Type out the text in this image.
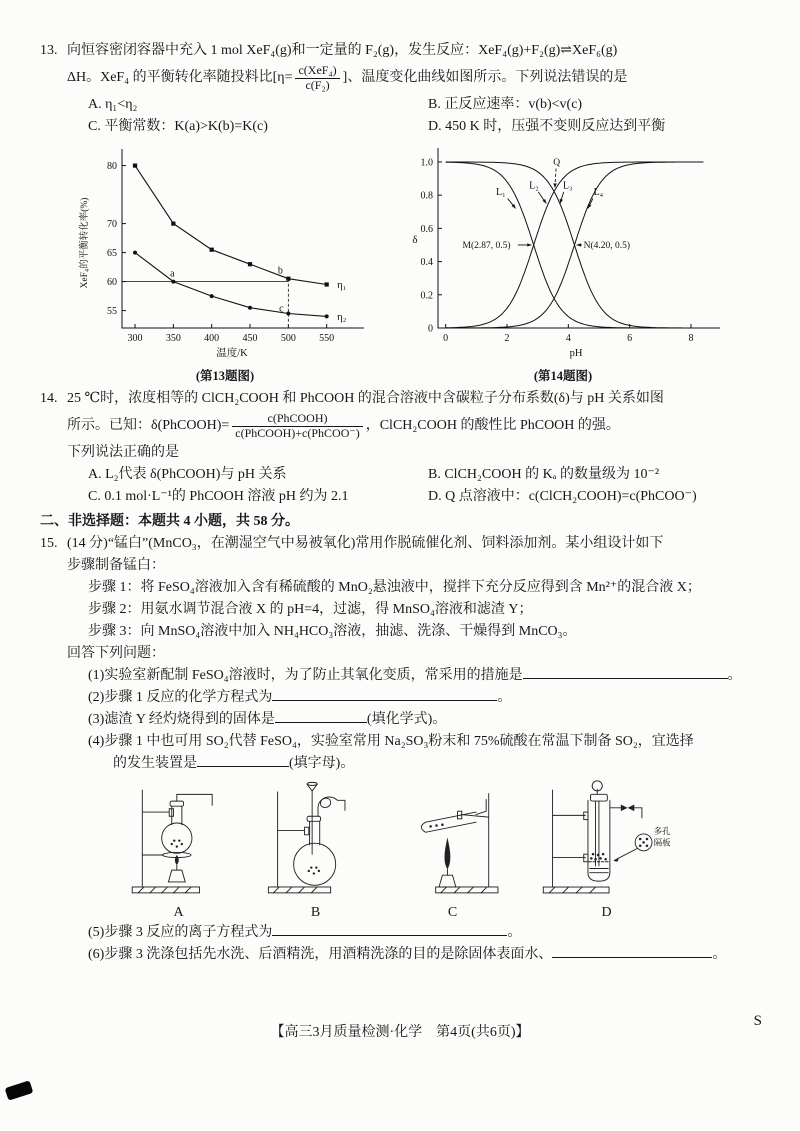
13. 向恒容密闭容器中充入 1 mol XeF₄(g)和一定量的 F₂(g)，发生反应：XeF₄(g)+F₂(g)⇌XeF₆(g)
ΔH。XeF₄ 的平衡转化率随投料比[$\eta= \frac{\text{c(XeF₄)}}{\text{c(F₂)}}$ ]、温度变化曲线如图所示。下列说法错误的是
A. η₁<η₂	B. 正反应速率：v(b)<v(c)
C. 平衡常数：K(a)>K(b)=K(c)	D. 450 K 时，压强不变则反应达到平衡
55
60
65
70
80
300 350 400 450 500 550
温度/K
XeF₄的平衡转化率(%)	η₁
η₂
a	b
c
(第13题图)
0
0.2
0.4
0.6
0.8
1.0
0	2	4	6	8
pH
δ
L₁
L₂ L₃
L₄
Q
M(2.87, 0.5)	N(4.20, 0.5)
(第14题图)
14. 25 ℃时，浓度相等的 ClCH₂COOH 和 PhCOOH 的混合溶液中含碳粒子分布系数(δ)与 pH 关系如图
所示。已知：δ(PhCOOH)= $\frac{\text{c(PhCOOH)}}{\text{c(PhCOOH)+c(PhCOO⁻)}}$ ，ClCH₂COOH 的酸性比 PhCOOH 的强。
下列说法正确的是
A. L₂代表 δ(PhCOOH)与 pH 关系	B. ClCH₂COOH 的 Kₐ 的数量级为 10⁻²
C. 0.1 mol·L⁻¹的 PhCOOH 溶液 pH 约为 2.1	D. Q 点溶液中：c(ClCH₂COOH)=c(PhCOO⁻)
二、非选择题：本题共 4 小题，共 58 分。
15. (14 分)“锰白”(MnCO₃，在潮湿空气中易被氧化)常用作脱硫催化剂、饲料添加剂。某小组设计如下
步骤制备锰白：
步骤 1：将 FeSO₄溶液加入含有稀硫酸的 MnO₂悬浊液中，搅拌下充分反应得到含 Mn²⁺的混合液 X；
步骤 2：用氨水调节混合液 X 的 pH=4，过滤，得 MnSO₄溶液和滤渣 Y；
步骤 3：向 MnSO₄溶液中加入 NH₄HCO₃溶液，抽滤、洗涤、干燥得到 MnCO₃。
回答下列问题：
(1)实验室新配制 FeSO₄溶液时，为了防止其氧化变质，常采用的措施是	。
(2)步骤 1 反应的化学方程式为	。
(3)滤渣 Y 经灼烧得到的固体是	(填化学式)。
(4)步骤 1 中也可用 SO₂代替 FeSO₄，实验室常用 Na₂SO₃粉末和 75%硫酸在常温下制备 SO₂，宜选择
的发生装置是	(填字母)。
A	B	C
多孔
隔板
D
(5)步骤 3 反应的离子方程式为	。
(6)步骤 3 洗涤包括先水洗、后酒精洗，用酒精洗涤的目的是除固体表面水、	。
【高三3月质量检测·化学　第4页(共6页)】
S
